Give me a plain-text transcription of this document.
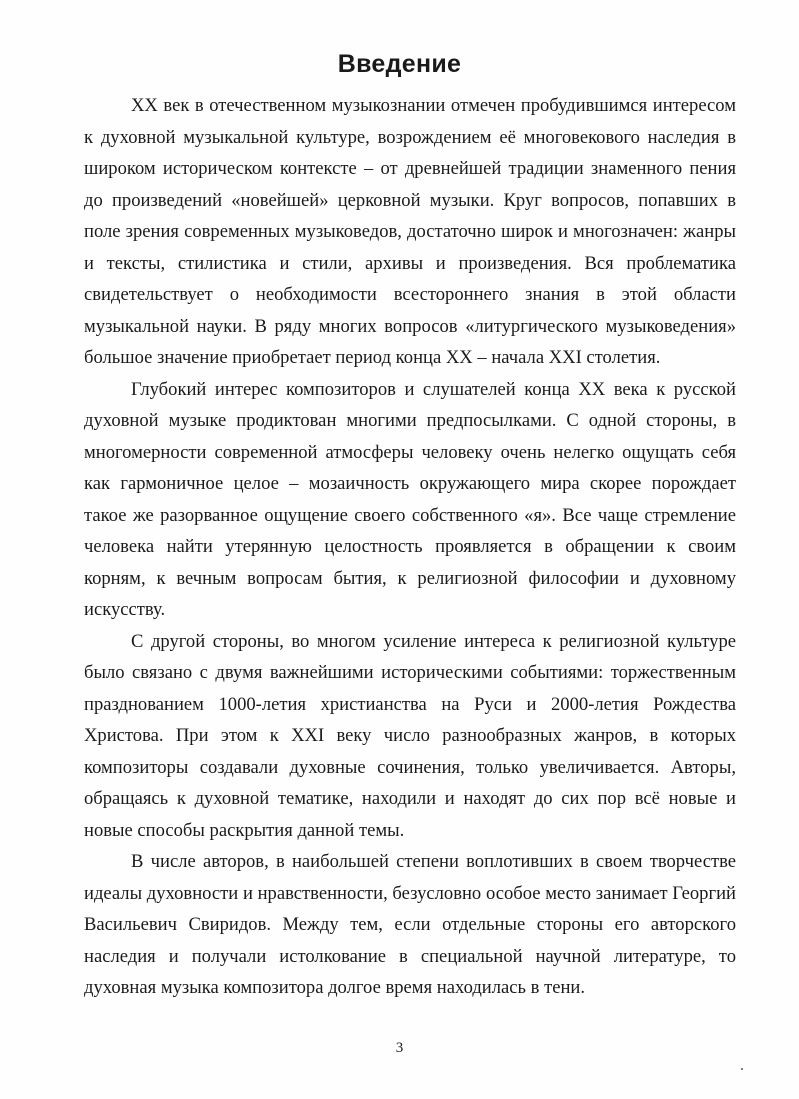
Введение

XX век в отечественном музыкознании отмечен пробудившимся интересом к духовной музыкальной культуре, возрождением её многовекового наследия в широком историческом контексте – от древнейшей традиции знаменного пения до произведений «новейшей» церковной музыки. Круг вопросов, попавших в поле зрения современных музыковедов, достаточно широк и многозначен: жанры и тексты, стилистика и стили, архивы и произведения. Вся проблематика свидетельствует о необходимости всестороннего знания в этой области музыкальной науки. В ряду многих вопросов «литургического музыковедения» большое значение приобретает период конца XX – начала XXI столетия.

Глубокий интерес композиторов и слушателей конца XX века к русской духовной музыке продиктован многими предпосылками. С одной стороны, в многомерности современной атмосферы человеку очень нелегко ощущать себя как гармоничное целое – мозаичность окружающего мира скорее порождает такое же разорванное ощущение своего собственного «я». Все чаще стремление человека найти утерянную целостность проявляется в обращении к своим корням, к вечным вопросам бытия, к религиозной философии и духовному искусству.

С другой стороны, во многом усиление интереса к религиозной культуре было связано с двумя важнейшими историческими событиями: торжественным празднованием 1000-летия христианства на Руси и 2000-летия Рождества Христова. При этом к XXI веку число разнообразных жанров, в которых композиторы создавали духовные сочинения, только увеличивается. Авторы, обращаясь к духовной тематике, находили и находят до сих пор всё новые и новые способы раскрытия данной темы.

В числе авторов, в наибольшей степени воплотивших в своем творчестве идеалы духовности и нравственности, безусловно особое место занимает Георгий Васильевич Свиридов. Между тем, если отдельные стороны его авторского наследия и получали истолкование в специальной научной литературе, то духовная музыка композитора долгое время находилась в тени.

3
